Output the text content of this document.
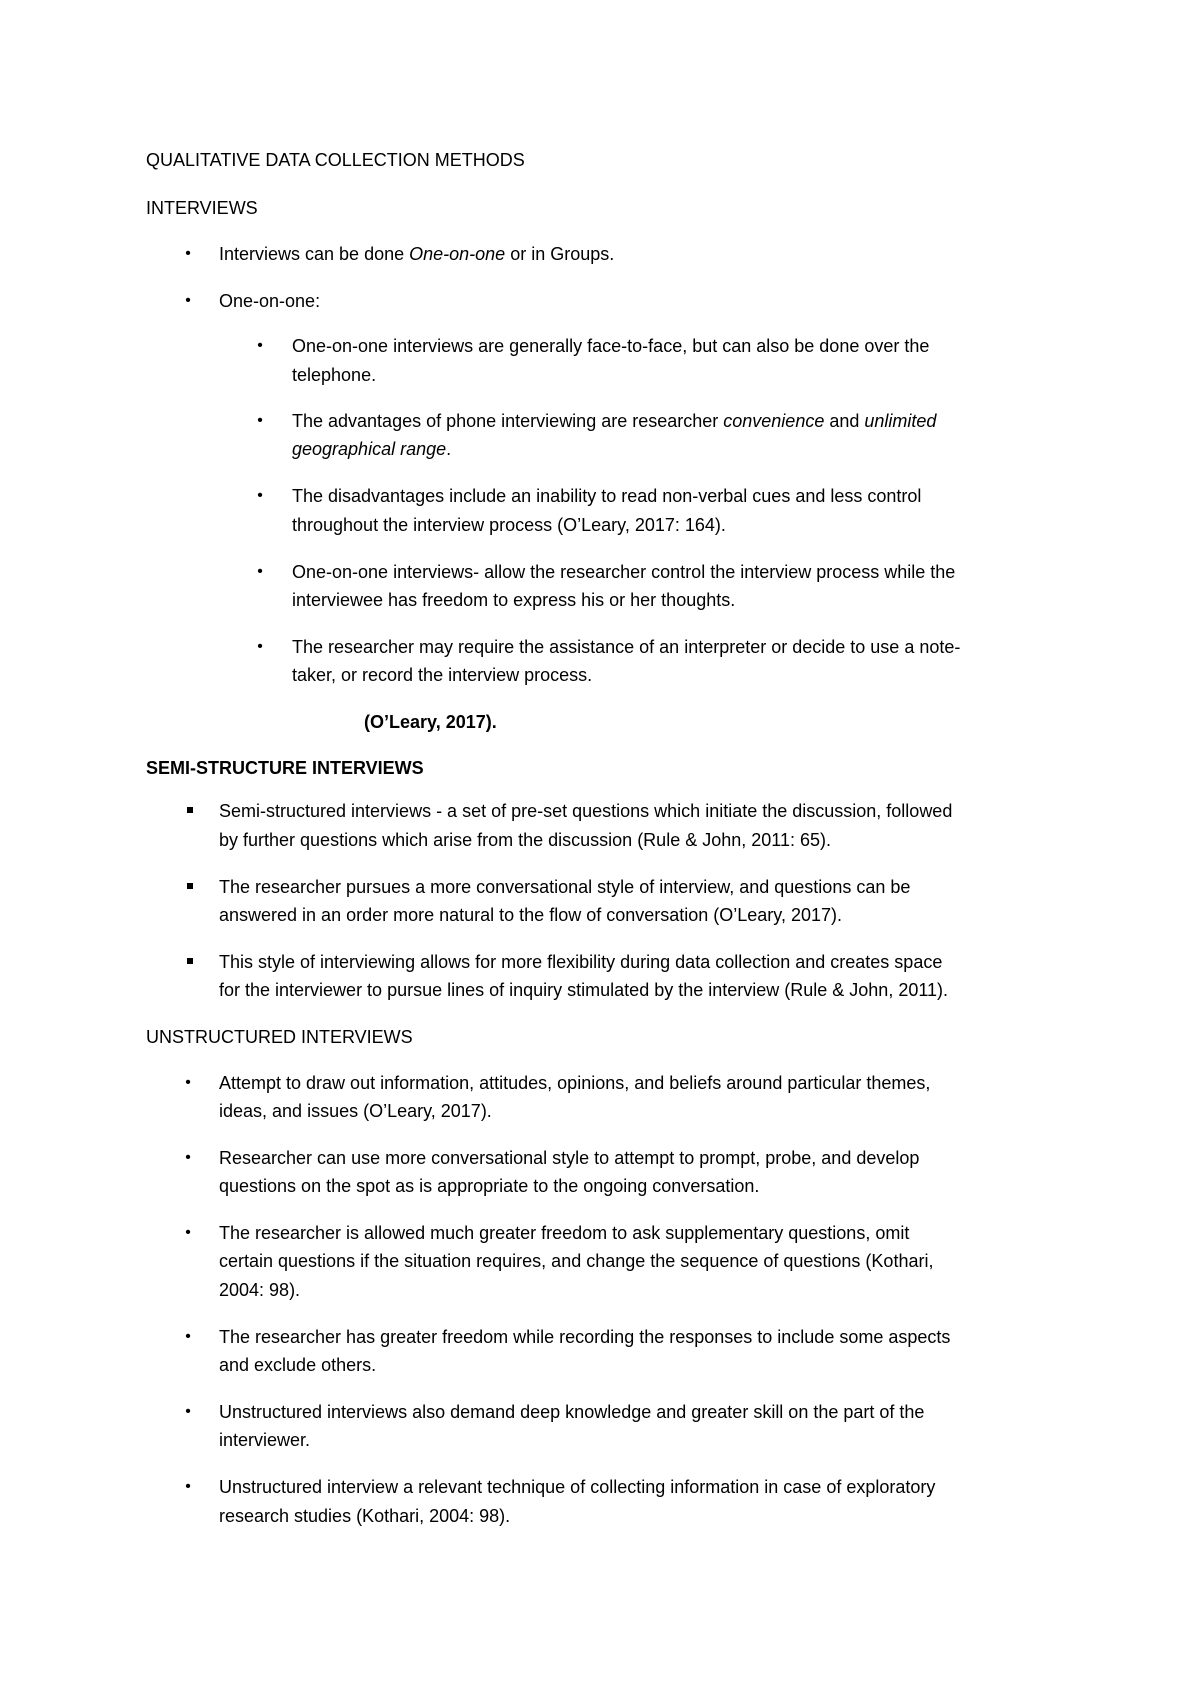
QUALITATIVE DATA COLLECTION METHODS
INTERVIEWS
•	Interviews can be done One-on-one or in Groups.
•	One-on-one:
•	One-on-one interviews are generally face-to-face, but can also be done over the
telephone.
•	The advantages of phone interviewing are researcher convenience and unlimited
geographical range.
•	The disadvantages include an inability to read non-verbal cues and less control
throughout the interview process (O’Leary, 2017: 164).
•	One-on-one interviews- allow the researcher control the interview process while the
interviewee has freedom to express his or her thoughts.
•	The researcher may require the assistance of an interpreter or decide to use a note-
taker, or record the interview process.
(O’Leary, 2017).
SEMI-STRUCTURE INTERVIEWS
Semi-structured interviews - a set of pre-set questions which initiate the discussion, followed
by further questions which arise from the discussion (Rule & John, 2011: 65).
The researcher pursues a more conversational style of interview, and questions can be
answered in an order more natural to the flow of conversation (O’Leary, 2017).
This style of interviewing allows for more flexibility during data collection and creates space
for the interviewer to pursue lines of inquiry stimulated by the interview (Rule & John, 2011).
UNSTRUCTURED INTERVIEWS
•	Attempt to draw out information, attitudes, opinions, and beliefs around particular themes,
ideas, and issues (O’Leary, 2017).
•	Researcher can use more conversational style to attempt to prompt, probe, and develop
questions on the spot as is appropriate to the ongoing conversation.
•	The researcher is allowed much greater freedom to ask supplementary questions, omit
certain questions if the situation requires, and change the sequence of questions (Kothari,
2004: 98).
•	The researcher has greater freedom while recording the responses to include some aspects
and exclude others.
•	Unstructured interviews also demand deep knowledge and greater skill on the part of the
interviewer.
•	Unstructured interview a relevant technique of collecting information in case of exploratory
research studies (Kothari, 2004: 98).
